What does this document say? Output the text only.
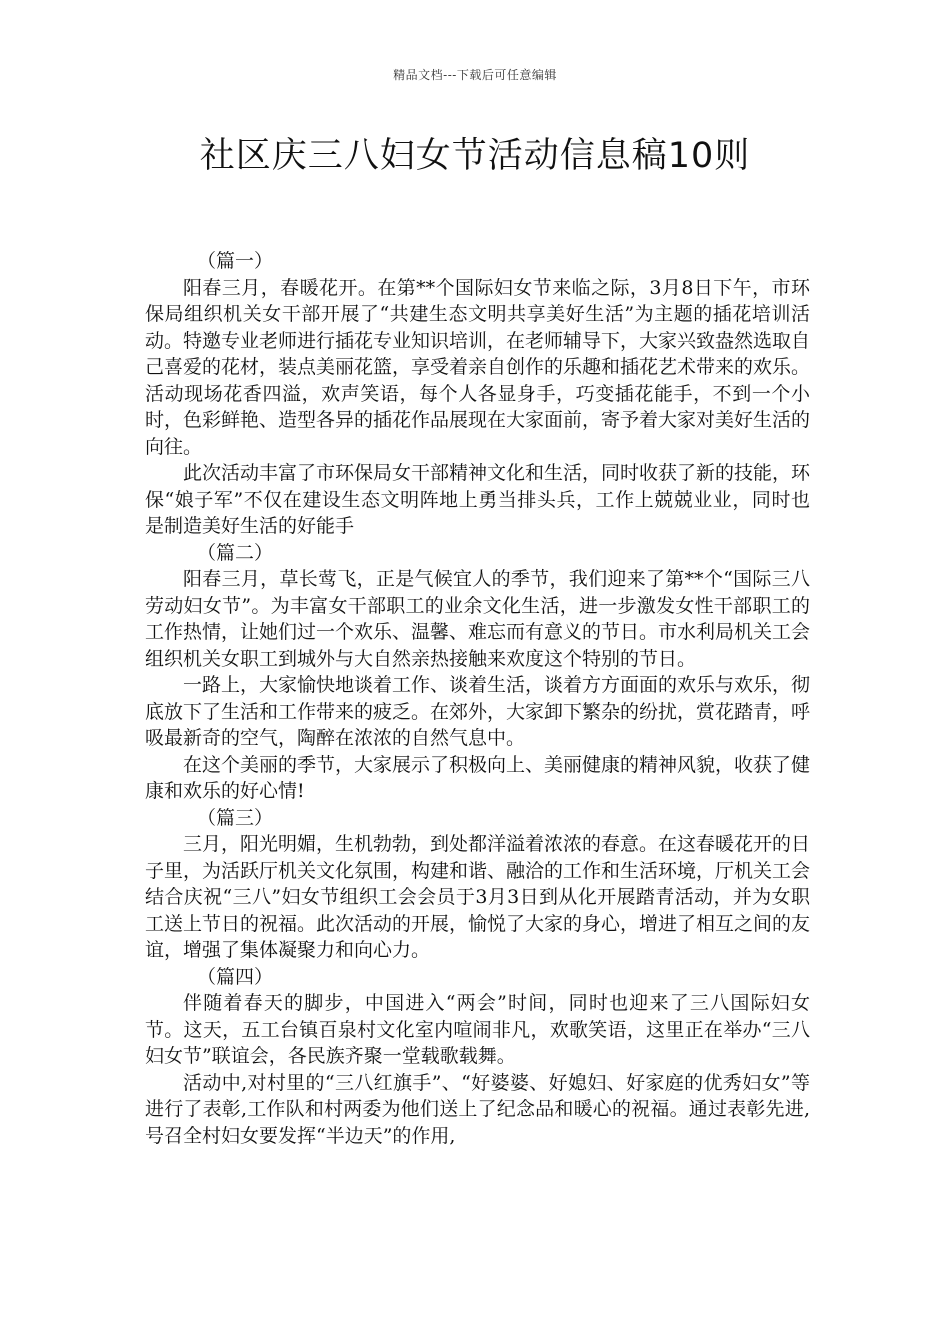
精品文档---下载后可任意编辑
社区庆三八妇女节活动信息稿10则

（篇一）

阳春三月，春暖花开。在第**个国际妇女节来临之际，3月8日下午，市环保局组织机关女干部开展了“共建生态文明共享美好生活”为主题的插花培训活动。特邀专业老师进行插花专业知识培训，在老师辅导下，大家兴致盎然选取自己喜爱的花材，装点美丽花篮，享受着亲自创作的乐趣和插花艺术带来的欢乐。活动现场花香四溢，欢声笑语，每个人各显身手，巧变插花能手，不到一个小时，色彩鲜艳、造型各异的插花作品展现在大家面前，寄予着大家对美好生活的向往。

此次活动丰富了市环保局女干部精神文化和生活，同时收获了新的技能，环保“娘子军”不仅在建设生态文明阵地上勇当排头兵，工作上兢兢业业，同时也是制造美好生活的好能手

（篇二）

阳春三月，草长莺飞，正是气候宜人的季节，我们迎来了第**个“国际三八劳动妇女节”。为丰富女干部职工的业余文化生活，进一步激发女性干部职工的工作热情，让她们过一个欢乐、温馨、难忘而有意义的节日。市水利局机关工会组织机关女职工到城外与大自然亲热接触来欢度这个特别的节日。

一路上，大家愉快地谈着工作、谈着生活，谈着方方面面的欢乐与欢乐，彻底放下了生活和工作带来的疲乏。在郊外，大家卸下繁杂的纷扰，赏花踏青，呼吸最新奇的空气，陶醉在浓浓的自然气息中。

在这个美丽的季节，大家展示了积极向上、美丽健康的精神风貌，收获了健康和欢乐的好心情!

（篇三）

三月，阳光明媚，生机勃勃，到处都洋溢着浓浓的春意。在这春暖花开的日子里，为活跃厅机关文化氛围，构建和谐、融洽的工作和生活环境，厅机关工会结合庆祝“三八”妇女节组织工会会员于3月3日到从化开展踏青活动，并为女职工送上节日的祝福。此次活动的开展，愉悦了大家的身心，增进了相互之间的友谊，增强了集体凝聚力和向心力。

（篇四）

伴随着春天的脚步，中国进入“两会”时间，同时也迎来了三八国际妇女节。这天，五工台镇百泉村文化室内喧闹非凡，欢歌笑语，这里正在举办“三八妇女节”联谊会，各民族齐聚一堂载歌载舞。

活动中,对村里的“三八红旗手”、“好婆婆、好媳妇、好家庭的优秀妇女”等进行了表彰,工作队和村两委为他们送上了纪念品和暖心的祝福。通过表彰先进,号召全村妇女要发挥“半边天”的作用,
